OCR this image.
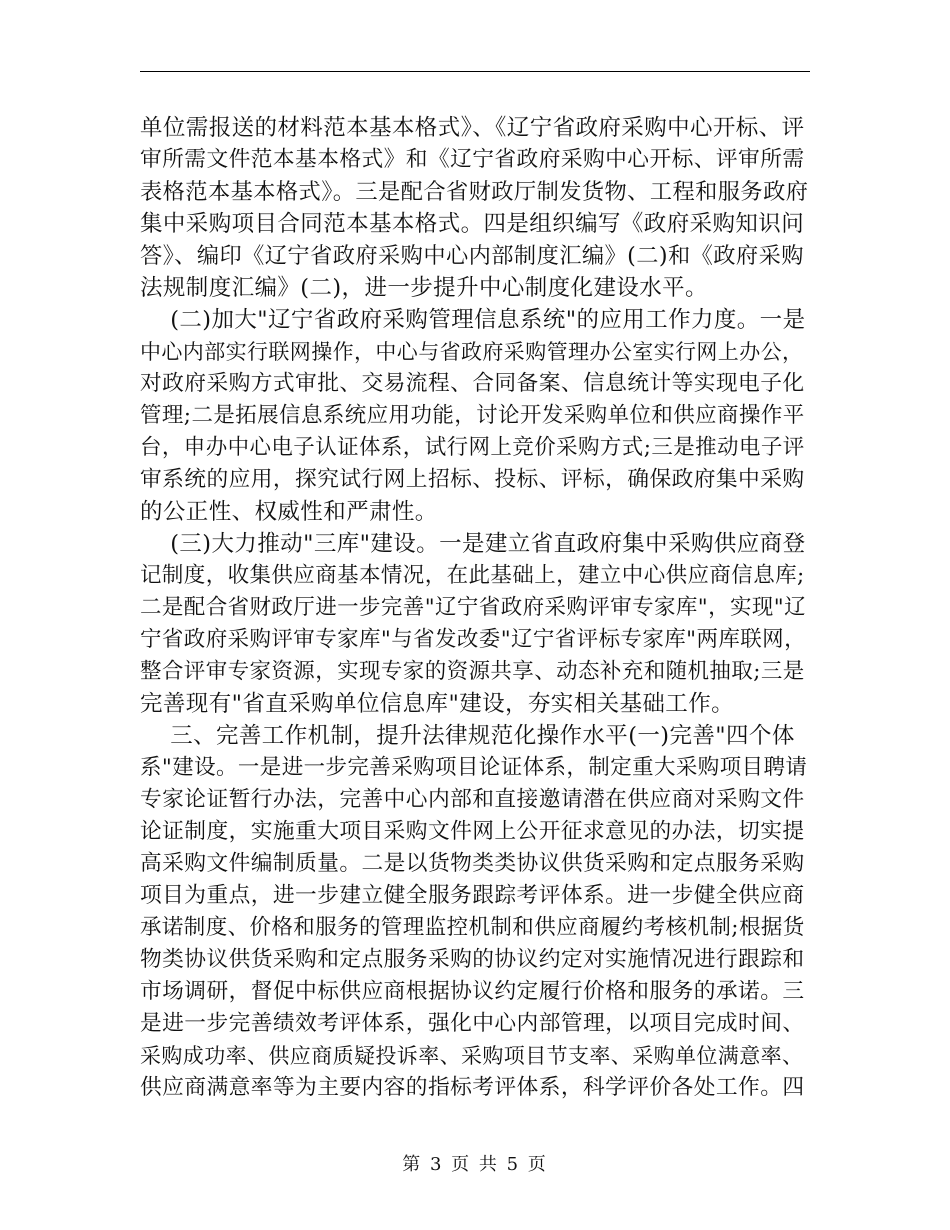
单位需报送的材料范本基本格式》、《辽宁省政府采购中心开标、评
审所需文件范本基本格式》和《辽宁省政府采购中心开标、评审所需
表格范本基本格式》。三是配合省财政厅制发货物、工程和服务政府
集中采购项目合同范本基本格式。四是组织编写《政府采购知识问
答》、编印《辽宁省政府采购中心内部制度汇编》(二)和《政府采购
法规制度汇编》(二)，进一步提升中心制度化建设水平。
(二)加大"辽宁省政府采购管理信息系统"的应用工作力度。一是
中心内部实行联网操作，中心与省政府采购管理办公室实行网上办公，
对政府采购方式审批、交易流程、合同备案、信息统计等实现电子化
管理;二是拓展信息系统应用功能，讨论开发采购单位和供应商操作平
台，申办中心电子认证体系，试行网上竞价采购方式;三是推动电子评
审系统的应用，探究试行网上招标、投标、评标，确保政府集中采购
的公正性、权威性和严肃性。
(三)大力推动"三库"建设。一是建立省直政府集中采购供应商登
记制度，收集供应商基本情况，在此基础上，建立中心供应商信息库;
二是配合省财政厅进一步完善"辽宁省政府采购评审专家库"，实现"辽
宁省政府采购评审专家库"与省发改委"辽宁省评标专家库"两库联网，
整合评审专家资源，实现专家的资源共享、动态补充和随机抽取;三是
完善现有"省直采购单位信息库"建设，夯实相关基础工作。
三、完善工作机制，提升法律规范化操作水平(一)完善"四个体
系"建设。一是进一步完善采购项目论证体系，制定重大采购项目聘请
专家论证暂行办法，完善中心内部和直接邀请潜在供应商对采购文件
论证制度，实施重大项目采购文件网上公开征求意见的办法，切实提
高采购文件编制质量。二是以货物类类协议供货采购和定点服务采购
项目为重点，进一步建立健全服务跟踪考评体系。进一步健全供应商
承诺制度、价格和服务的管理监控机制和供应商履约考核机制;根据货
物类协议供货采购和定点服务采购的协议约定对实施情况进行跟踪和
市场调研，督促中标供应商根据协议约定履行价格和服务的承诺。三
是进一步完善绩效考评体系，强化中心内部管理，以项目完成时间、
采购成功率、供应商质疑投诉率、采购项目节支率、采购单位满意率、
供应商满意率等为主要内容的指标考评体系，科学评价各处工作。四
第 3 页 共 5 页
